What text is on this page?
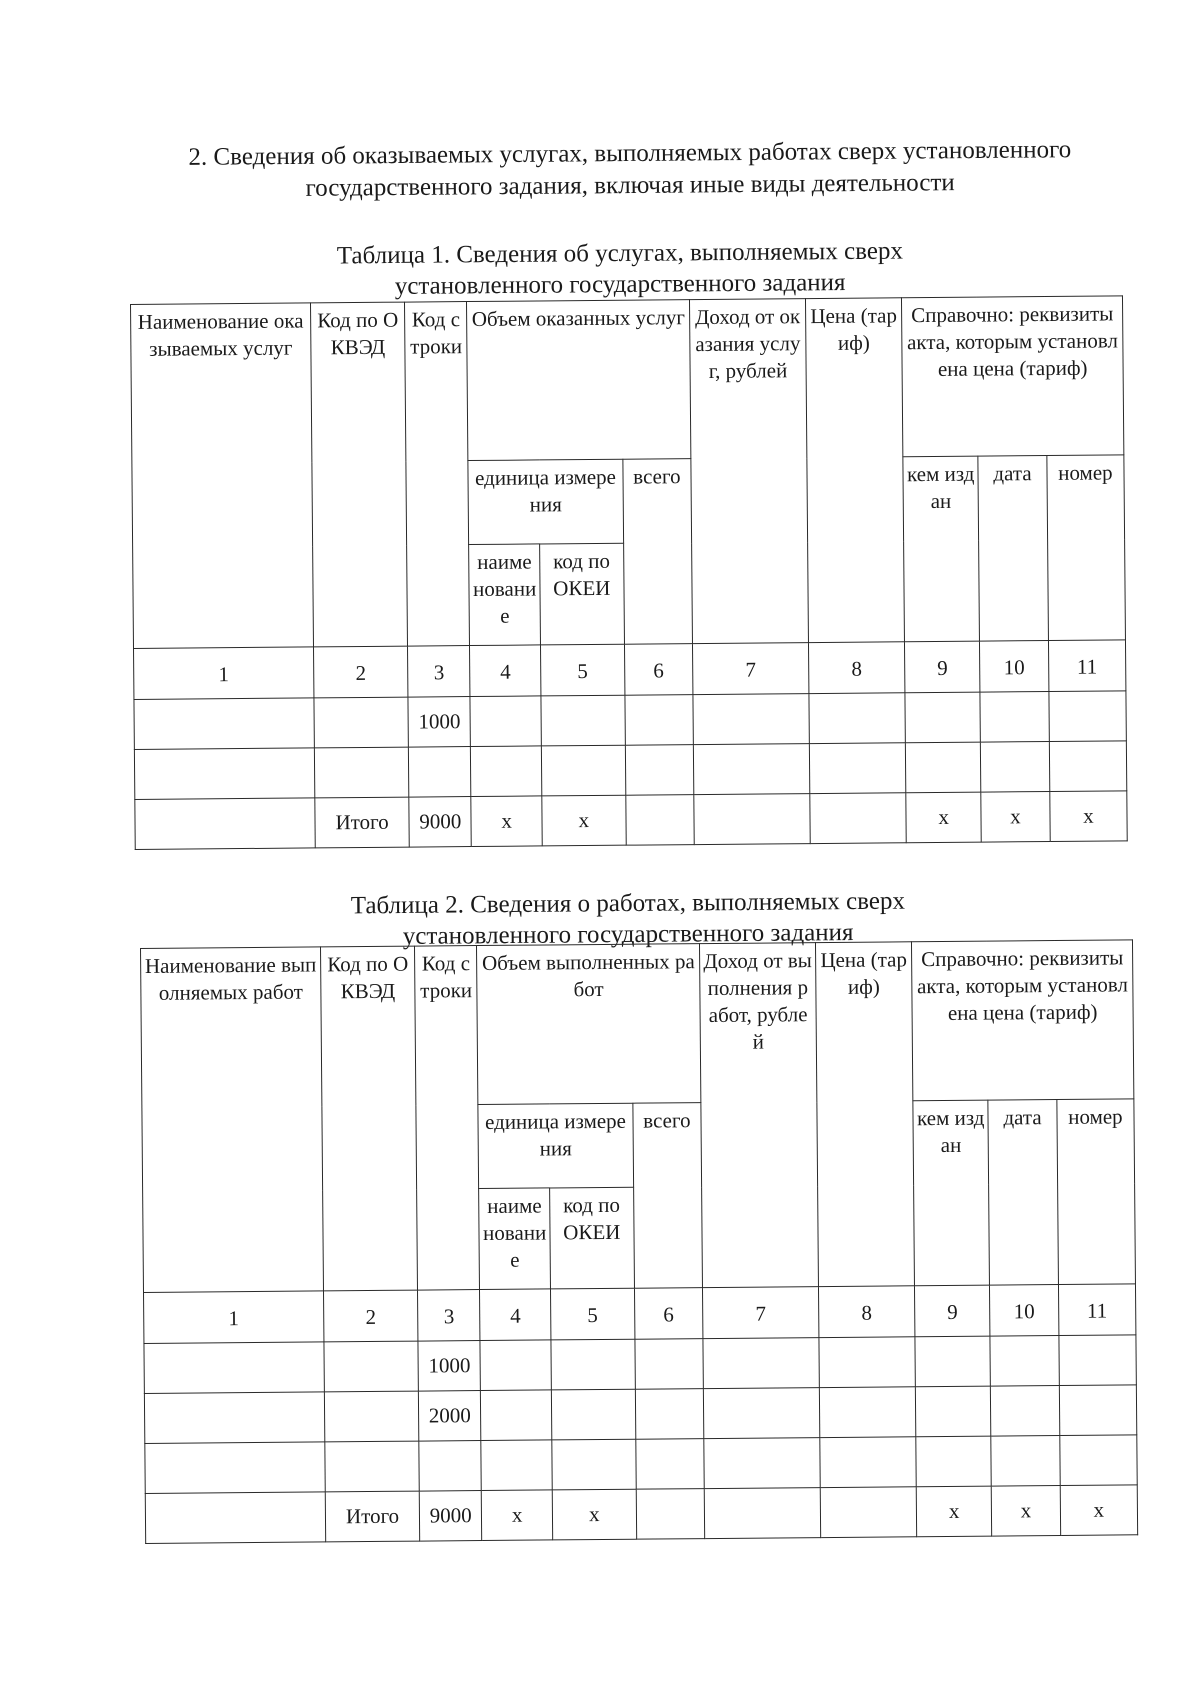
2. Сведения об оказываемых услугах, выполняемых работах сверх установленного государственного задания, включая иные виды деятельности
Таблица 1. Сведения об услугах, выполняемых сверх
установленного государственного задания
Наименование оказываемых услуг	Код по ОКВЭД	Код строки	Объем оказанных услуг			Доход от оказания услуг, рублей	Цена (тариф)	Справочно: реквизиты акта, которым установлена цена (тариф)		
			единица измерения		всего			кем издан	дата	номер
			наименование	код по ОКЕИ						
1	2	3	4	5	6	7	8	9	10	11
		1000								

	Итого	9000	х	х				х	х	х
Таблица 2. Сведения о работах, выполняемых сверх
установленного государственного задания
Наименование выполняемых работ	Код по ОКВЭД	Код строки	Объем выполненных работ			Доход от выполнения работ, рублей	Цена (тариф)	Справочно: реквизиты акта, которым установлена цена (тариф)		
			единица измерения		всего			кем издан	дата	номер
			наименование	код по ОКЕИ						
1	2	3	4	5	6	7	8	9	10	11
		1000								
		2000								

	Итого	9000	х	х				х	х	х
